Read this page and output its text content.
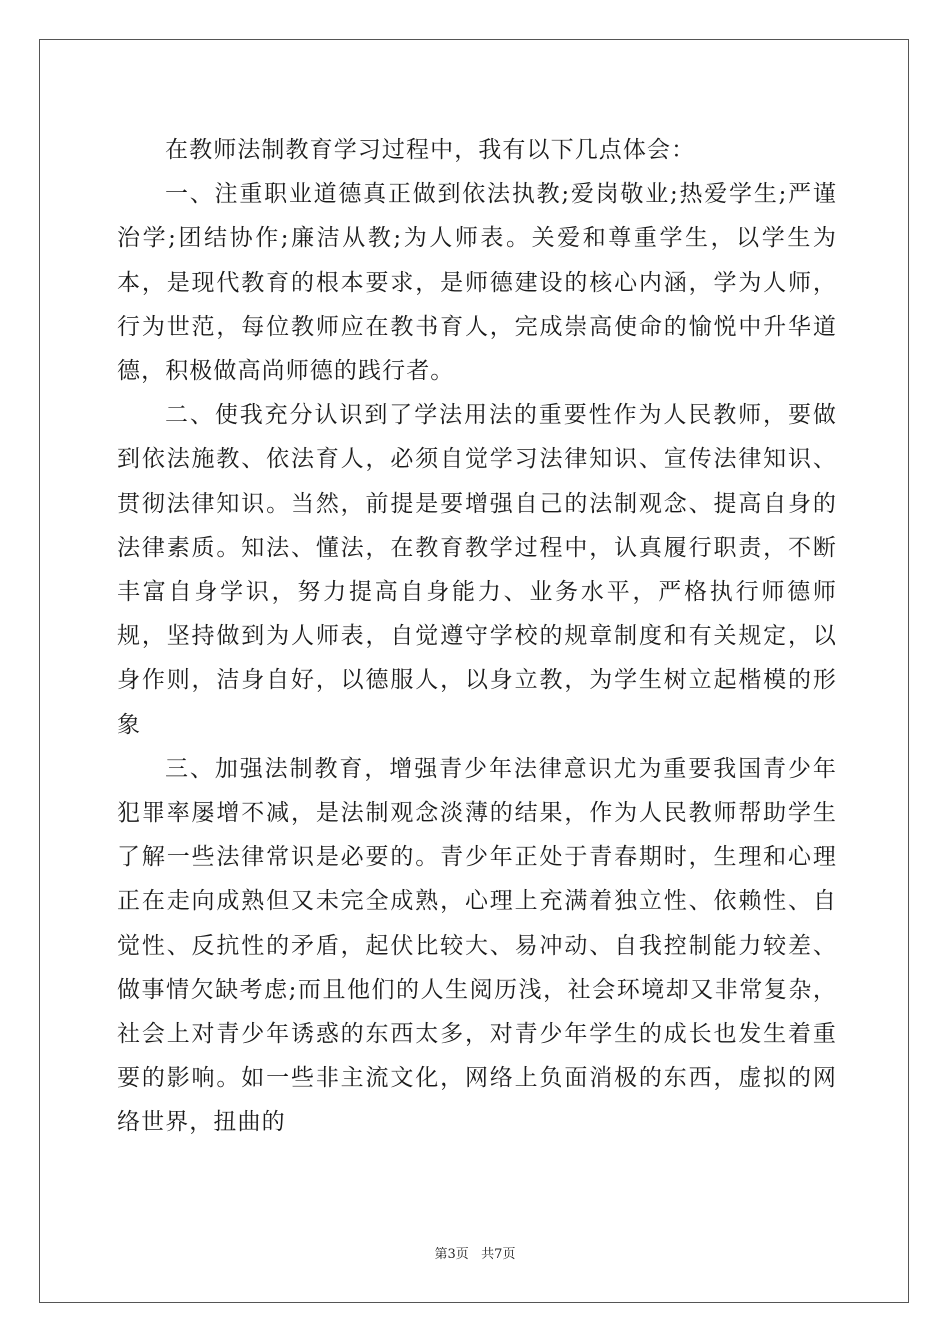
在教师法制教育学习过程中，我有以下几点体会：

一、注重职业道德真正做到依法执教;爱岗敬业;热爱学生;严谨治学;团结协作;廉洁从教;为人师表。关爱和尊重学生，以学生为本，是现代教育的根本要求，是师德建设的核心内涵，学为人师，行为世范，每位教师应在教书育人，完成崇高使命的愉悦中升华道德，积极做高尚师德的践行者。

二、使我充分认识到了学法用法的重要性作为人民教师，要做到依法施教、依法育人，必须自觉学习法律知识、宣传法律知识、贯彻法律知识。当然，前提是要增强自己的法制观念、提高自身的法律素质。知法、懂法，在教育教学过程中，认真履行职责，不断丰富自身学识，努力提高自身能力、业务水平，严格执行师德师规，坚持做到为人师表，自觉遵守学校的规章制度和有关规定，以身作则，洁身自好，以德服人，以身立教，为学生树立起楷模的形象

三、加强法制教育，增强青少年法律意识尤为重要我国青少年犯罪率屡增不减，是法制观念淡薄的结果，作为人民教师帮助学生了解一些法律常识是必要的。青少年正处于青春期时，生理和心理正在走向成熟但又未完全成熟，心理上充满着独立性、依赖性、自觉性、反抗性的矛盾，起伏比较大、易冲动、自我控制能力较差、做事情欠缺考虑;而且他们的人生阅历浅，社会环境却又非常复杂，社会上对青少年诱惑的东西太多，对青少年学生的成长也发生着重要的影响。如一些非主流文化，网络上负面消极的东西，虚拟的网络世界，扭曲的

第3页   共7页
